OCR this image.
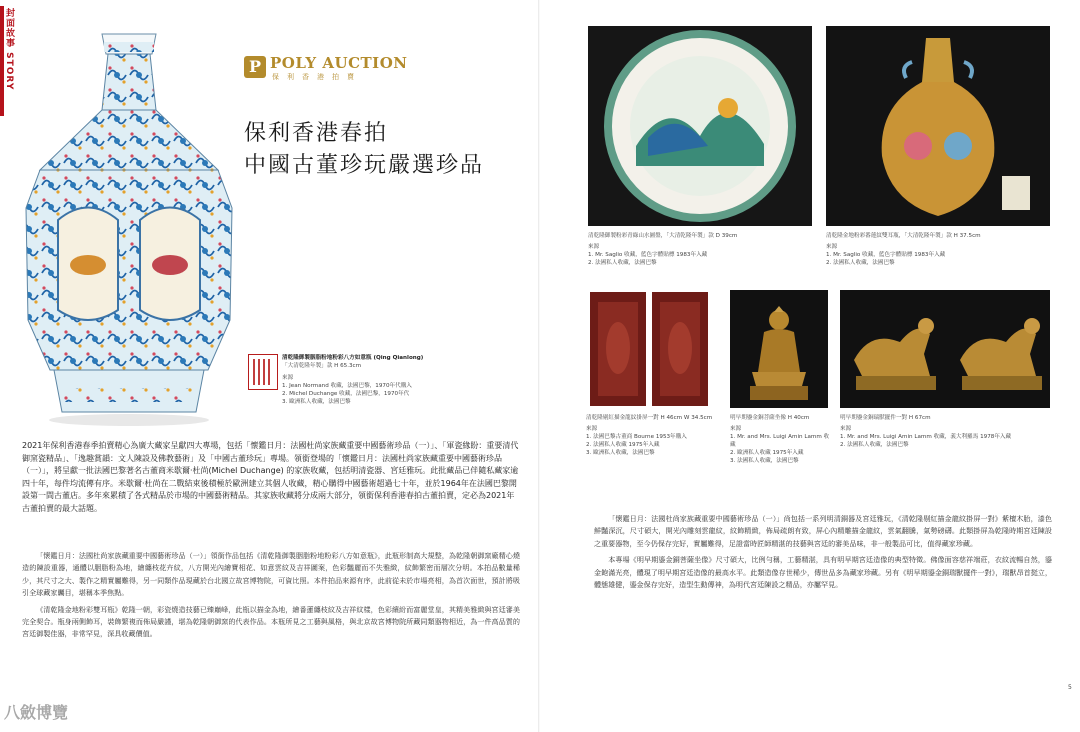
封面故事 STORY	P POLY AUCTION
保利香港拍賣
保利香港春拍
中國古董珍玩嚴選珍品
清乾隆御製胭脂粉地粉彩八方如意瓶 (Qing Qianlong)
「大清乾隆年製」款 H 65.3cm
來源
1. Jean Normand 收藏，法國巴黎，1970年代購入
2. Michel Duchange 收藏，法國巴黎，1970年代
3. 歐洲私人收藏，法國巴黎

2021年保利香港春季拍賣精心為廣大藏家呈獻四大專場，包括「懷鑑日月：法國杜尚家族藏重要中國藝術珍品（一）」、「軍瓷緣盼：重要清代御窯瓷精品」、「逸趣賞韻：文人陳設及佛教藝術」及「中國古董珍玩」專場。領銜登場的「懷鑑日月：法國杜尚家族藏重要中國藝術珍品（一）」，將呈獻一批法國巴黎著名古董商米歇爾·杜尚(Michel Duchange) 的家族收藏，包括明清瓷器、宮廷雅玩。此批藏品已伴隨私藏家逾四十年，每件均流傳有序。米歇爾·杜尚在二戰結束後積極於歐洲建立其個人收藏，精心購得中國藝術超過七十年，並於1964年在法國巴黎開設第一間古董店。多年來累積了各式精品於市場的中國藝術精品。其家族收藏將分成兩大部分，領銜保利香港春拍古董拍賣，定必為2021年古董拍賣的最大話題。

「懷鑑日月：法國杜尚家族藏重要中國藝術珍品（一）」領銜作品包括《清乾隆御製胭脂粉地粉彩八方如意瓶》，此瓶形制高大規整，為乾隆朝御窯廠精心燒造的陳設重器，通體以胭脂粉為地，繪纏枝花卉紋，八方開光內繪寶相花、如意雲紋及吉祥圖案，色彩豔麗而不失雅緻，紋飾繁密而層次分明。本拍品數量稀少，其尺寸之大、製作之精實屬難得，另一同類作品現藏於台北國立故宮博物院，可資比照。本件拍品來源有序，此前從未於市場亮相，為首次面世，預計將吸引全球藏家矚目，堪稱本季焦點。

《清乾隆金地粉彩雙耳瓶》乾隆一朝，彩瓷燒造技藝已臻巔峰，此瓶以描金為地，繪番蓮纏枝紋及吉祥紋樣，色彩繽紛而富麗堂皇，其精美雅緻與宮廷審美完全契合。瓶身兩側飾耳，裝飾繁複而佈局嚴謹，堪為乾隆朝御窯的代表作品。本瓶所見之工藝與風格，與北京故宮博物院所藏同類器物相近，為一件高品質的宮廷御製佳器，非常罕見，深具收藏價值。

八斂博覽
清乾隆御製粉彩青綠山水圖盤，「大清乾隆年製」款 D 39cm
來源
1. Mr. Saglio 收藏，藍色字體貼標 1983年入藏
2. 法國私人收藏，法國巴黎
清乾隆金地粉彩番蓮紋雙耳瓶，「大清乾隆年製」款 H 37.5cm
來源
1. Mr. Saglio 收藏，藍色字體貼標 1983年入藏
2. 法國私人收藏，法國巴黎
清乾隆剔紅描金龍紋掛屏一對 H 46cm W 34.5cm
來源
1. 法國巴黎古董商 Bourne 1953年購入
2. 法國私人收藏 1975年入藏
3. 歐洲私人收藏，法國巴黎
明早期鎏金銅菩薩坐像 H 40cm
來源
1. Mr. and Mrs. Luigi Amin Lamm 收藏
2. 歐洲私人收藏 1975年入藏
3. 法國私人收藏，法國巴黎
明早期鎏金銅瑞獸擺件一對 H 67cm
來源
1. Mr. and Mrs. Luigi Amin Lamm 收藏，義大利羅馬 1978年入藏
2. 法國私人收藏，法國巴黎

「懷鑑日月：法國杜尚家族藏重要中國藝術珍品（一）」尚包括一系列明清銅器及宮廷雅玩，《清乾隆剔紅描金龍紋掛屏一對》紫檀木胎，漆色鮮豔深沉，尺寸碩大，開光內雕刻雲龍紋，紋飾精緻，佈局疏朗有致，屏心內精雕描金龍紋，雲氣翻騰，氣勢磅礴。此類掛屏為乾隆時期宮廷陳設之重要器物，至今仍保存完好，實屬難得，足證當時匠師精湛的技藝與宮廷的審美品味，非一般製品可比，值得藏家珍藏。

本專場《明早期鎏金銅菩薩坐像》尺寸碩大，比例勻稱，工藝精湛，具有明早期宮廷造像的典型特徵。佛像面容慈祥端莊，衣紋流暢自然，鎏金飽滿光亮，體現了明早期宮廷造像的最高水平。此類造像存世稀少，傳世品多為藏家珍藏。另有《明早期鎏金銅瑞獸擺件一對》，瑞獸昂首挺立，體態雄健，鎏金保存完好，造型生動傳神，為明代宮廷陳設之精品，亦屬罕見。

5
